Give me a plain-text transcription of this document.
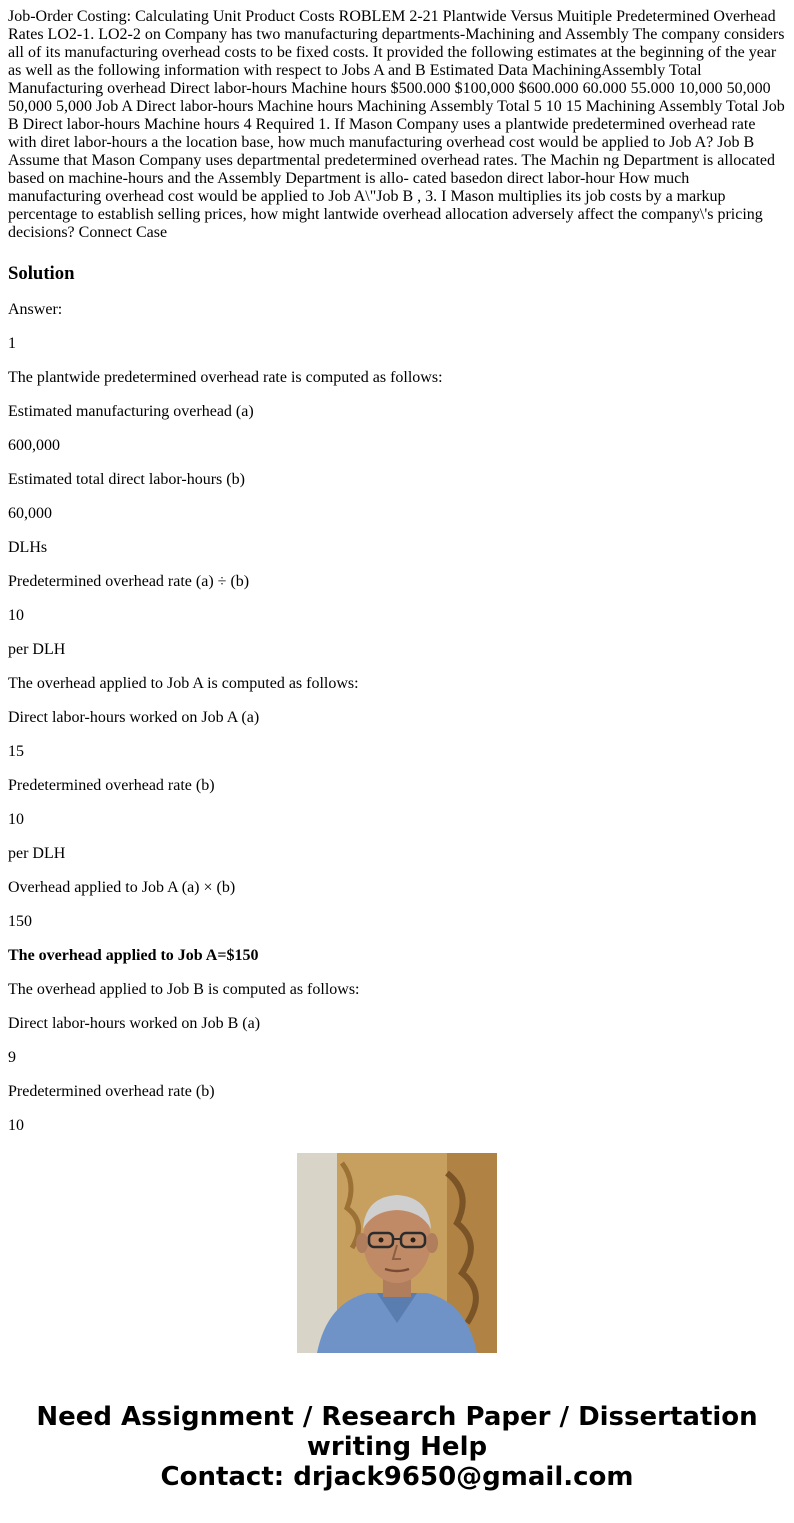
Job-Order Costing: Calculating Unit Product Costs ROBLEM 2-21 Plantwide Versus Muitiple Predetermined Overhead Rates LO2-1. LO2-2 on Company has two manufacturing departments-Machining and Assembly The company considers all of its manufacturing overhead costs to be fixed costs. It provided the following estimates at the beginning of the year as well as the following information with respect to Jobs A and B Estimated Data MachiningAssembly Total Manufacturing overhead Direct labor-hours Machine hours $500.000 $100,000 $600.000 60.000 55.000 10,000 50,000 50,000 5,000 Job A Direct labor-hours Machine hours Machining Assembly Total 5 10 15 Machining Assembly Total Job B Direct labor-hours Machine hours 4 Required 1. If Mason Company uses a plantwide predetermined overhead rate with diret labor-hours a the location base, how much manufacturing overhead cost would be applied to Job A? Job B Assume that Mason Company uses departmental predetermined overhead rates. The Machin ng Department is allocated based on machine-hours and the Assembly Department is allo- cated basedon direct labor-hour How much manufacturing overhead cost would be applied to Job A\"Job B , 3. I Mason multiplies its job costs by a markup percentage to establish selling prices, how might lantwide overhead allocation adversely affect the company\'s pricing decisions? Connect Case
Solution

Answer:

1

The plantwide predetermined overhead rate is computed as follows:

Estimated manufacturing overhead (a)

600,000

Estimated total direct labor-hours (b)

60,000

DLHs

Predetermined overhead rate (a) ÷ (b)

10

per DLH

The overhead applied to Job A is computed as follows:

Direct labor-hours worked on Job A (a)

15

Predetermined overhead rate (b)

10

per DLH

Overhead applied to Job A (a) × (b)

150

The overhead applied to Job A=$150

The overhead applied to Job B is computed as follows:

Direct labor-hours worked on Job B (a)

9

Predetermined overhead rate (b)

10

Need Assignment / Research Paper / Dissertation
writing Help
Contact: drjack9650@gmail.com
